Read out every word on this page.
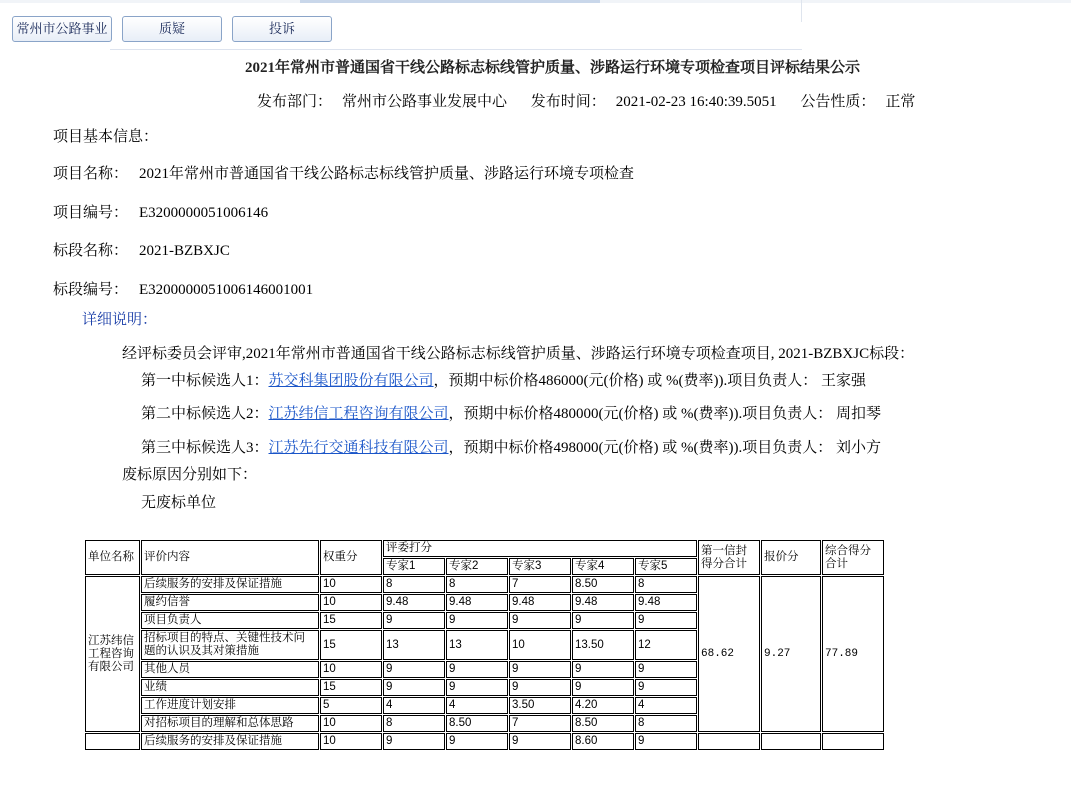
常州市公路事业	质疑	投诉
2021年常州市普通国省干线公路标志标线管护质量、涉路运行环境专项检查项目评标结果公示
发布部门： 常州市公路事业发展中心 发布时间： 2021-02-23 16:40:39.5051 公告性质： 正常
项目基本信息：
项目名称： 2021年常州市普通国省干线公路标志标线管护质量、涉路运行环境专项检查
项目编号： E3200000051006146
标段名称： 2021-BZBXJC
标段编号： E3200000051006146001001
详细说明：
经评标委员会评审,2021年常州市普通国省干线公路标志标线管护质量、涉路运行环境专项检查项目, 2021-BZBXJC标段：
第一中标候选人1：苏交科集团股份有限公司，预期中标价格486000(元(价格) 或 %(费率)).项目负责人： 王家强
第二中标候选人2：江苏纬信工程咨询有限公司，预期中标价格480000(元(价格) 或 %(费率)).项目负责人： 周扣琴
第三中标候选人3：江苏先行交通科技有限公司，预期中标价格498000(元(价格) 或 %(费率)).项目负责人： 刘小方
废标原因分别如下：
无废标单位
单位名称	评价内容	权重分	评委打分					第一信封得分合计	报价分	综合得分合计
			专家1	专家2	专家3	专家4	专家5			
江苏纬信工程咨询有限公司	后续服务的安排及保证措施	10	8	8	7	8.50	8	68.62	9.27	77.89
	履约信誉	10	9.48	9.48	9.48	9.48	9.48			
	项目负责人	15	9	9	9	9	9			
	招标项目的特点、关键性技术问题的认识及其对策措施	15	13	13	10	13.50	12			
	其他人员	10	9	9	9	9	9			
	业绩	15	9	9	9	9	9			
	工作进度计划安排	5	4	4	3.50	4.20	4			
	对招标项目的理解和总体思路	10	8	8.50	7	8.50	8			
	后续服务的安排及保证措施	10	9	9	9	8.60	9			
